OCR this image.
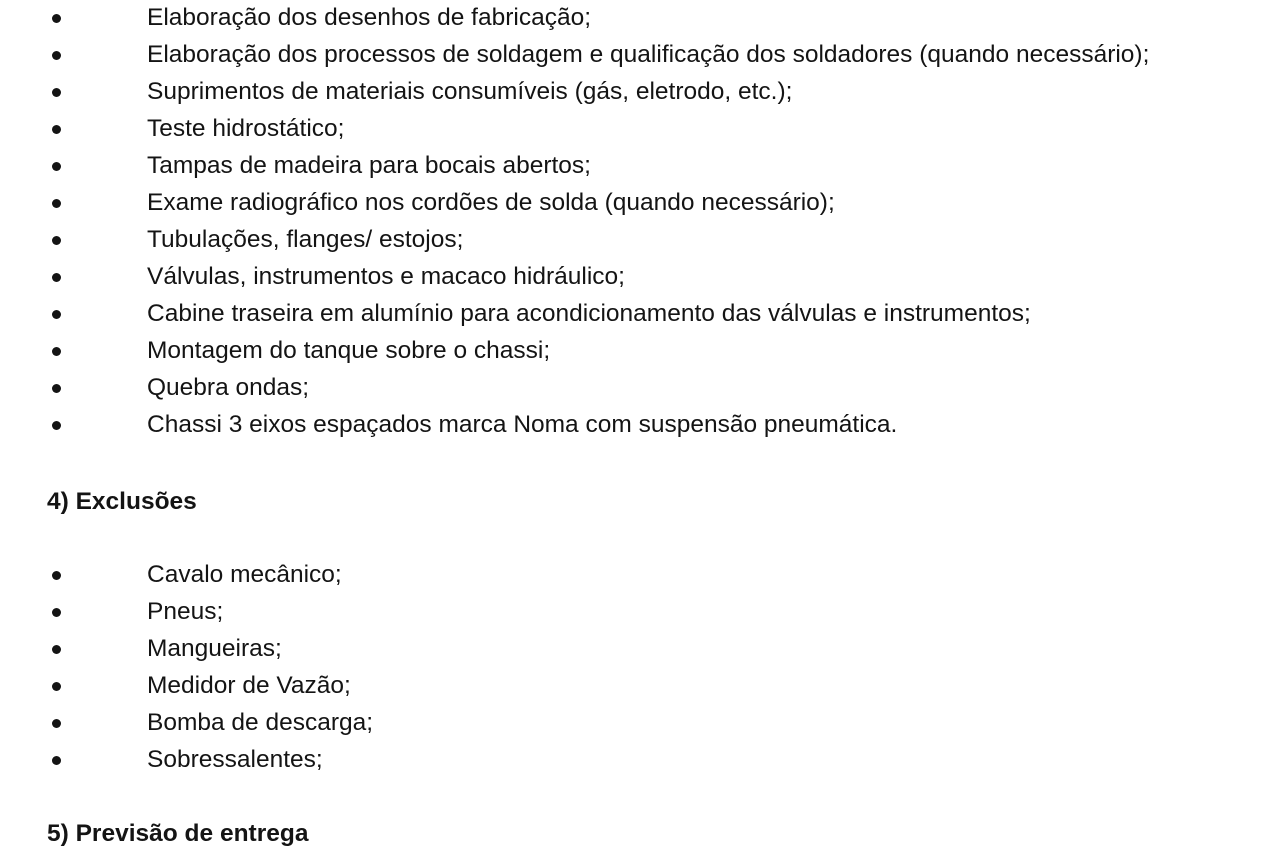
Elaboração dos desenhos de fabricação;
Elaboração dos processos de soldagem e qualificação dos soldadores (quando necessário);
Suprimentos de materiais consumíveis (gás, eletrodo, etc.);
Teste hidrostático;
Tampas de madeira para bocais abertos;
Exame radiográfico nos cordões de solda (quando necessário);
Tubulações, flanges/ estojos;
Válvulas, instrumentos e macaco hidráulico;
Cabine traseira em alumínio para acondicionamento das válvulas e instrumentos;
Montagem do tanque sobre o chassi;
Quebra ondas;
Chassi 3 eixos espaçados marca Noma com suspensão pneumática.
4) Exclusões
Cavalo mecânico;
Pneus;
Mangueiras;
Medidor de Vazão;
Bomba de descarga;
Sobressalentes;
5) Previsão de entrega
